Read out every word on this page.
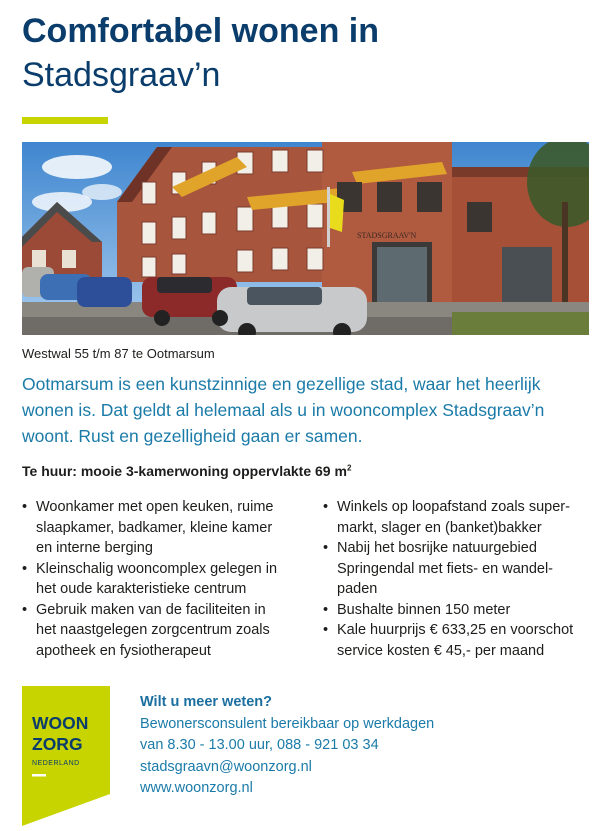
Comfortabel wonen in
Stadsgraav’n
STADSGRAAV'N
Westwal 55 t/m 87 te Ootmarsum
Ootmarsum is een kunstzinnige en gezellige stad, waar het heerlijk
wonen is. Dat geldt al helemaal als u in wooncomplex Stadsgraav’n
woont. Rust en gezelligheid gaan er samen.
Te huur: mooie 3-kamerwoning oppervlakte 69 $m^2$
• Woonkamer met open keuken, ruime
slaapkamer, badkamer, kleine kamer
en interne berging
• Kleinschalig wooncomplex gelegen in
het oude karakteristieke centrum
• Gebruik maken van de faciliteiten in
het naastgelegen zorgcentrum zoals
apotheek en fysiotherapeut
• Winkels op loopafstand zoals super-
markt, slager en (banket)bakker
• Nabij het bosrijke natuurgebied
Springendal met fiets- en wandel-
paden
• Bushalte binnen 150 meter
• Kale huurprijs € 633,25 en voorschot
service kosten € 45,- per maand
WOON
ZORG
NEDERLAND
Wilt u meer weten?
Bewonersconsulent bereikbaar op werkdagen
van 8.30 - 13.00 uur, 088 - 921 03 34
stadsgraavn@woonzorg.nl
www.woonzorg.nl
